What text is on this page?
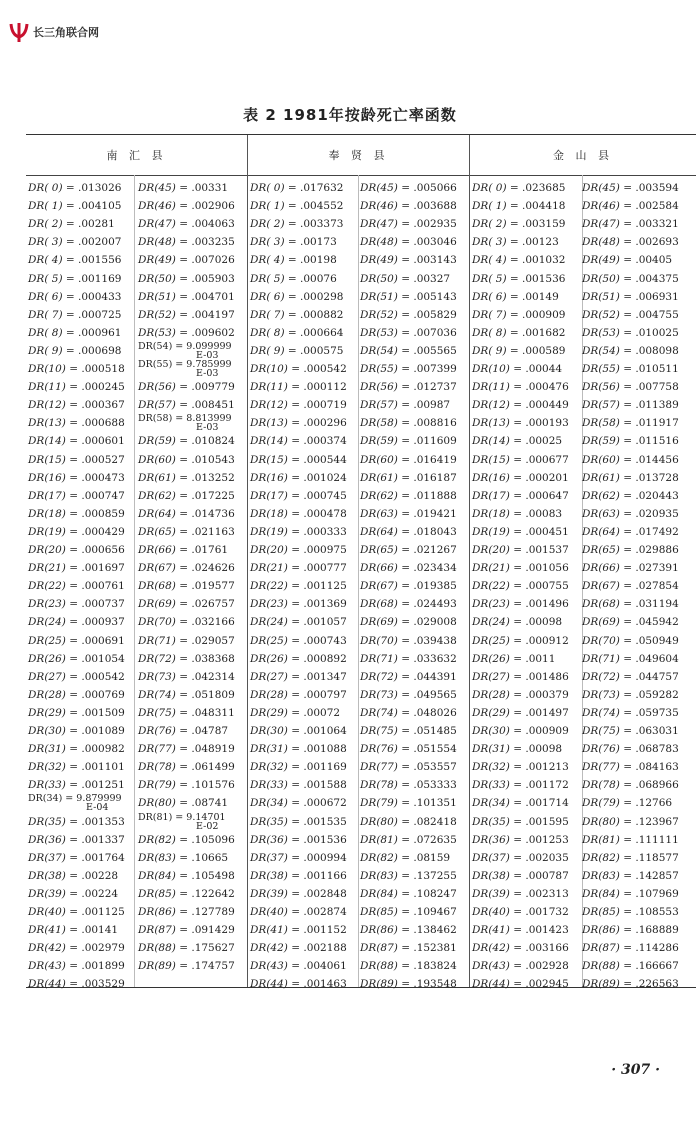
长三角联合网
表 2 1981年按龄死亡率函数
南 汇 县	奉 贤 县	金 山 县
DR( 0) = .013026
DR( 1) = .004105
DR( 2) = .00281
DR( 3) = .002007
DR( 4) = .001556
DR( 5) = .001169
DR( 6) = .000433
DR( 7) = .000725
DR( 8) = .000961
DR( 9) = .000698
DR(10) = .000518
DR(11) = .000245
DR(12) = .000367
DR(13) = .000688
DR(14) = .000601
DR(15) = .000527
DR(16) = .000473
DR(17) = .000747
DR(18) = .000859
DR(19) = .000429
DR(20) = .000656
DR(21) = .001697
DR(22) = .000761
DR(23) = .000737
DR(24) = .000937
DR(25) = .000691
DR(26) = .001054
DR(27) = .000542
DR(28) = .000769
DR(29) = .001509
DR(30) = .001089
DR(31) = .000982
DR(32) = .001101
DR(33) = .001251
DR(34) = 9.879999
E-04
DR(35) = .001353
DR(36) = .001337
DR(37) = .001764
DR(38) = .00228
DR(39) = .00224
DR(40) = .001125
DR(41) = .00141
DR(42) = .002979
DR(43) = .001899
DR(44) = .003529
DR(45) = .00331
DR(46) = .002906
DR(47) = .004063
DR(48) = .003235
DR(49) = .007026
DR(50) = .005903
DR(51) = .004701
DR(52) = .004197
DR(53) = .009602
DR(54) = 9.099999
E-03
DR(55) = 9.785999
E-03
DR(56) = .009779
DR(57) = .008451
DR(58) = 8.813999
E-03
DR(59) = .010824
DR(60) = .010543
DR(61) = .013252
DR(62) = .017225
DR(64) = .014736
DR(65) = .021163
DR(66) = .01761
DR(67) = .024626
DR(68) = .019577
DR(69) = .026757
DR(70) = .032166
DR(71) = .029057
DR(72) = .038368
DR(73) = .042314
DR(74) = .051809
DR(75) = .048311
DR(76) = .04787
DR(77) = .048919
DR(78) = .061499
DR(79) = .101576
DR(80) = .08741
DR(81) = 9.14701
E-02
DR(82) = .105096
DR(83) = .10665
DR(84) = .105498
DR(85) = .122642
DR(86) = .127789
DR(87) = .091429
DR(88) = .175627
DR(89) = .174757
DR( 0) = .017632
DR( 1) = .004552
DR( 2) = .003373
DR( 3) = .00173
DR( 4) = .00198
DR( 5) = .00076
DR( 6) = .000298
DR( 7) = .000882
DR( 8) = .000664
DR( 9) = .000575
DR(10) = .000542
DR(11) = .000112
DR(12) = .000719
DR(13) = .000296
DR(14) = .000374
DR(15) = .000544
DR(16) = .001024
DR(17) = .000745
DR(18) = .000478
DR(19) = .000333
DR(20) = .000975
DR(21) = .000777
DR(22) = .001125
DR(23) = .001369
DR(24) = .001057
DR(25) = .000743
DR(26) = .000892
DR(27) = .001347
DR(28) = .000797
DR(29) = .00072
DR(30) = .001064
DR(31) = .001088
DR(32) = .001169
DR(33) = .001588
DR(34) = .000672
DR(35) = .001535
DR(36) = .001536
DR(37) = .000994
DR(38) = .001166
DR(39) = .002848
DR(40) = .002874
DR(41) = .001152
DR(42) = .002188
DR(43) = .004061
DR(44) = .001463
DR(45) = .005066
DR(46) = .003688
DR(47) = .002935
DR(48) = .003046
DR(49) = .003143
DR(50) = .00327
DR(51) = .005143
DR(52) = .005829
DR(53) = .007036
DR(54) = .005565
DR(55) = .007399
DR(56) = .012737
DR(57) = .00987
DR(58) = .008816
DR(59) = .011609
DR(60) = .016419
DR(61) = .016187
DR(62) = .011888
DR(63) = .019421
DR(64) = .018043
DR(65) = .021267
DR(66) = .023434
DR(67) = .019385
DR(68) = .024493
DR(69) = .029008
DR(70) = .039438
DR(71) = .033632
DR(72) = .044391
DR(73) = .049565
DR(74) = .048026
DR(75) = .051485
DR(76) = .051554
DR(77) = .053557
DR(78) = .053333
DR(79) = .101351
DR(80) = .082418
DR(81) = .072635
DR(82) = .08159
DR(83) = .137255
DR(84) = .108247
DR(85) = .109467
DR(86) = .138462
DR(87) = .152381
DR(88) = .183824
DR(89) = .193548
DR( 0) = .023685
DR( 1) = .004418
DR( 2) = .003159
DR( 3) = .00123
DR( 4) = .001032
DR( 5) = .001536
DR( 6) = .00149
DR( 7) = .000909
DR( 8) = .001682
DR( 9) = .000589
DR(10) = .00044
DR(11) = .000476
DR(12) = .000449
DR(13) = .000193
DR(14) = .00025
DR(15) = .000677
DR(16) = .000201
DR(17) = .000647
DR(18) = .00083
DR(19) = .000451
DR(20) = .001537
DR(21) = .001056
DR(22) = .000755
DR(23) = .001496
DR(24) = .00098
DR(25) = .000912
DR(26) = .0011
DR(27) = .001486
DR(28) = .000379
DR(29) = .001497
DR(30) = .000909
DR(31) = .00098
DR(32) = .001213
DR(33) = .001172
DR(34) = .001714
DR(35) = .001595
DR(36) = .001253
DR(37) = .002035
DR(38) = .000787
DR(39) = .002313
DR(40) = .001732
DR(41) = .001423
DR(42) = .003166
DR(43) = .002928
DR(44) = .002945
DR(45) = .003594
DR(46) = .002584
DR(47) = .003321
DR(48) = .002693
DR(49) = .00405
DR(50) = .004375
DR(51) = .006931
DR(52) = .004755
DR(53) = .010025
DR(54) = .008098
DR(55) = .010511
DR(56) = .007758
DR(57) = .011389
DR(58) = .011917
DR(59) = .011516
DR(60) = .014456
DR(61) = .013728
DR(62) = .020443
DR(63) = .020935
DR(64) = .017492
DR(65) = .029886
DR(66) = .027391
DR(67) = .027854
DR(68) = .031194
DR(69) = .045942
DR(70) = .050949
DR(71) = .049604
DR(72) = .044757
DR(73) = .059282
DR(74) = .059735
DR(75) = .063031
DR(76) = .068783
DR(77) = .084163
DR(78) = .068966
DR(79) = .12766
DR(80) = .123967
DR(81) = .111111
DR(82) = .118577
DR(83) = .142857
DR(84) = .107969
DR(85) = .108553
DR(86) = .168889
DR(87) = .114286
DR(88) = .166667
DR(89) = .226563
· 307 ·
